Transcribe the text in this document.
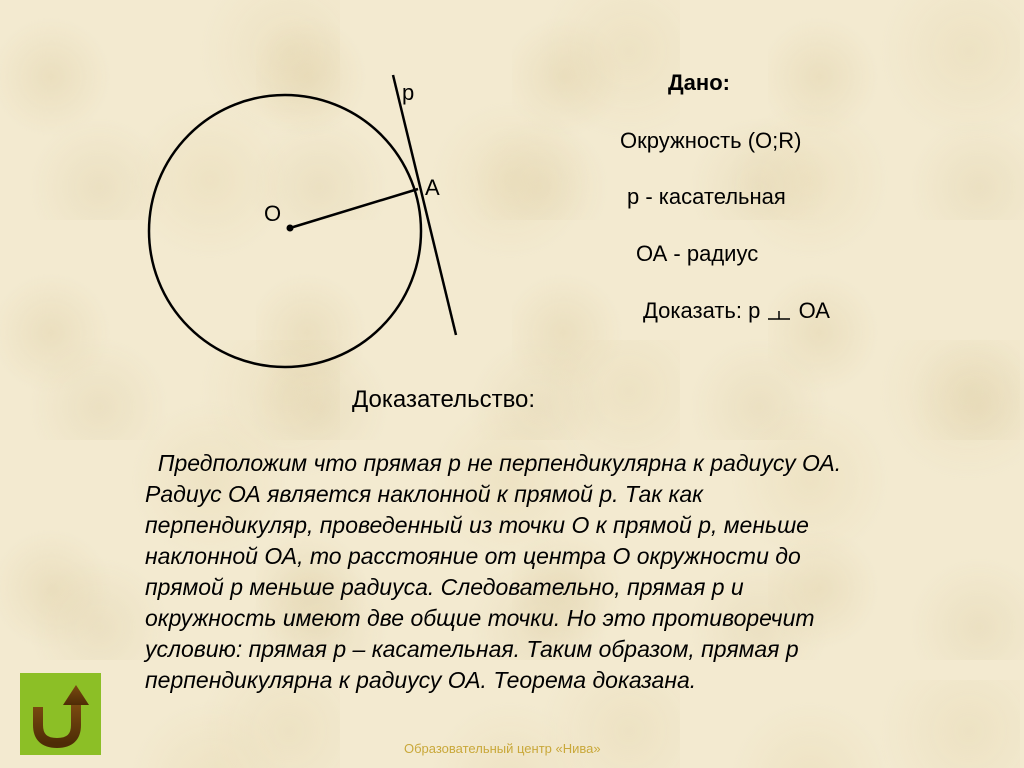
р
А
О
Дано:
Окружность (О;R)
р - касательная
ОА - радиус
Доказать: р ОА
Доказательство:
Предположим что прямая р не перпендикулярна к радиусу ОА.
Радиус ОА является наклонной к прямой р. Так как
перпендикуляр, проведенный из точки О к прямой р, меньше
наклонной ОА, то расстояние от центра О окружности до
прямой р меньше радиуса. Следовательно, прямая р и
окружность имеют две общие точки. Но это противоречит
условию: прямая р – касательная. Таким образом, прямая р
перпендикулярна к радиусу ОА. Теорема доказана.
Образовательный центр «Нива»
